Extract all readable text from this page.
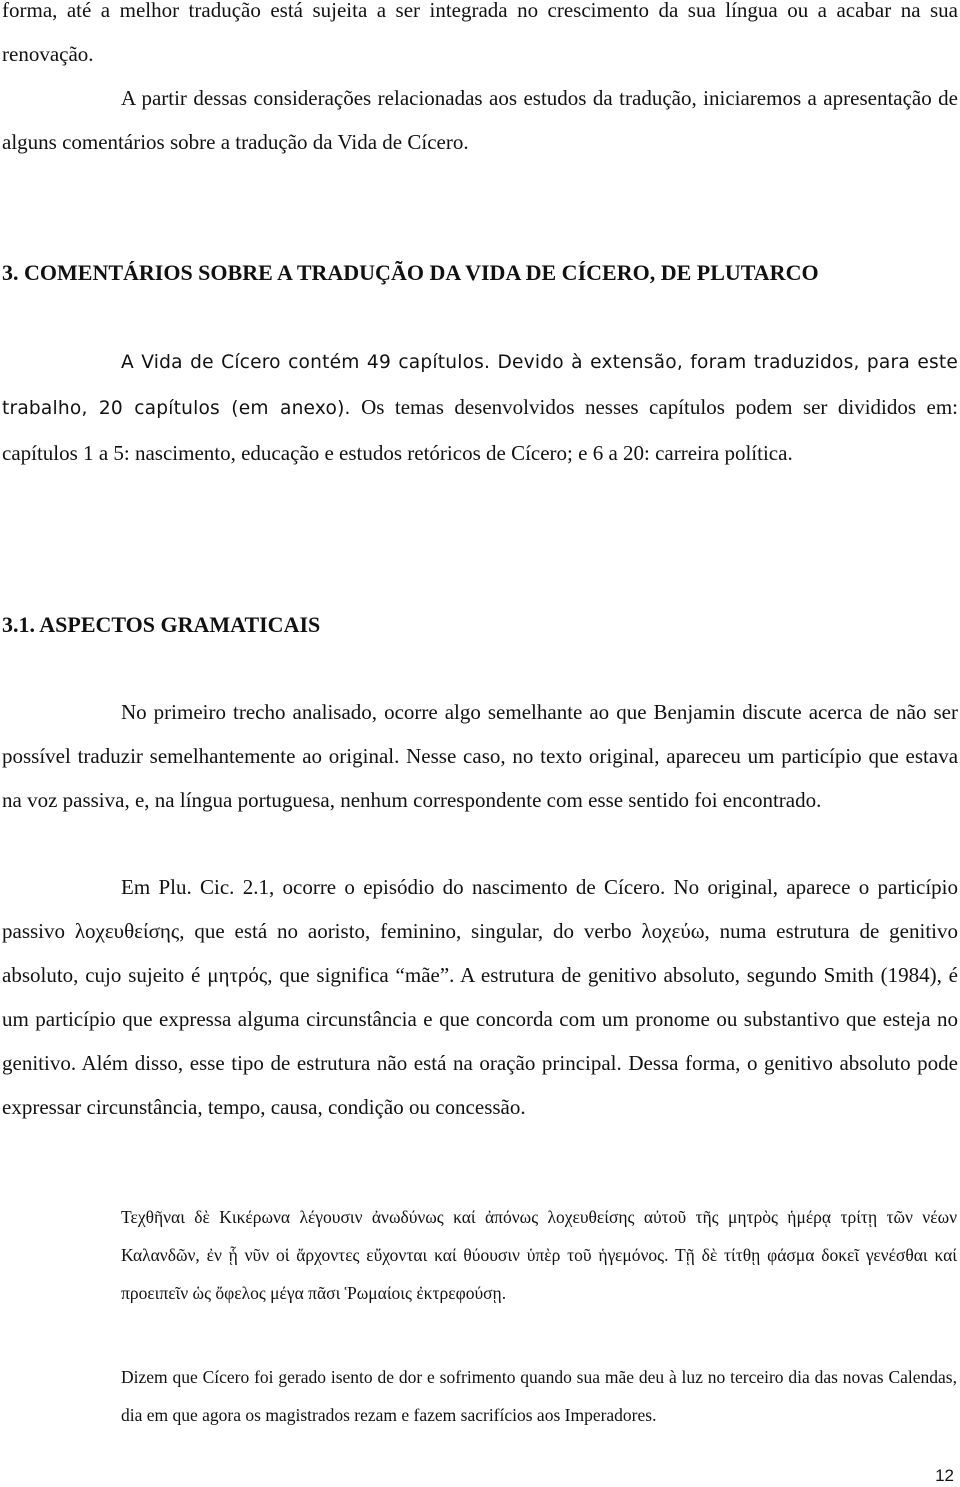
forma, até a melhor tradução está sujeita a ser integrada no crescimento da sua língua ou a acabar na sua renovação.

A partir dessas considerações relacionadas aos estudos da tradução, iniciaremos a apresentação de alguns comentários sobre a tradução da Vida de Cícero.

3. COMENTÁRIOS SOBRE A TRADUÇÃO DA VIDA DE CÍCERO, DE PLUTARCO

A Vida de Cícero contém 49 capítulos. Devido à extensão, foram traduzidos, para este trabalho, 20 capítulos (em anexo). Os temas desenvolvidos nesses capítulos podem ser divididos em: capítulos 1 a 5: nascimento, educação e estudos retóricos de Cícero; e 6 a 20: carreira política.

3.1. ASPECTOS GRAMATICAIS

No primeiro trecho analisado, ocorre algo semelhante ao que Benjamin discute acerca de não ser possível traduzir semelhantemente ao original. Nesse caso, no texto original, apareceu um particípio que estava na voz passiva, e, na língua portuguesa, nenhum correspondente com esse sentido foi encontrado.

Em Plu. Cic. 2.1, ocorre o episódio do nascimento de Cícero. No original, aparece o particípio passivo λοχευθείσης, que está no aoristo, feminino, singular, do verbo λοχεύω, numa estrutura de genitivo absoluto, cujo sujeito é μητρός, que significa “mãe”. A estrutura de genitivo absoluto, segundo Smith (1984), é um particípio que expressa alguma circunstância e que concorda com um pronome ou substantivo que esteja no genitivo. Além disso, esse tipo de estrutura não está na oração principal. Dessa forma, o genitivo absoluto pode expressar circunstância, tempo, causa, condição ou concessão.

Τεχθῆναι δὲ Κικέρωνα λέγουσιν ἀνωδύνως καί ἀπόνως λοχευθείσης αὐτοῦ τῆς μητρὸς ἡμέρᾳ τρίτῃ τῶν νέων Καλανδῶν, ἐν ᾗ νῦν οἱ ἄρχοντες εὔχονται καί θύουσιν ὑπὲρ τοῦ ἡγεμόνος. Τῇ δὲ τίτθῃ φάσμα δοκεῖ γενέσθαι καί προειπεῖν ὡς ὄφελος μέγα πᾶσι Ῥωμαίοις ἐκτρεφούσῃ.

Dizem que Cícero foi gerado isento de dor e sofrimento quando sua mãe deu à luz no terceiro dia das novas Calendas, dia em que agora os magistrados rezam e fazem sacrifícios aos Imperadores.

12
